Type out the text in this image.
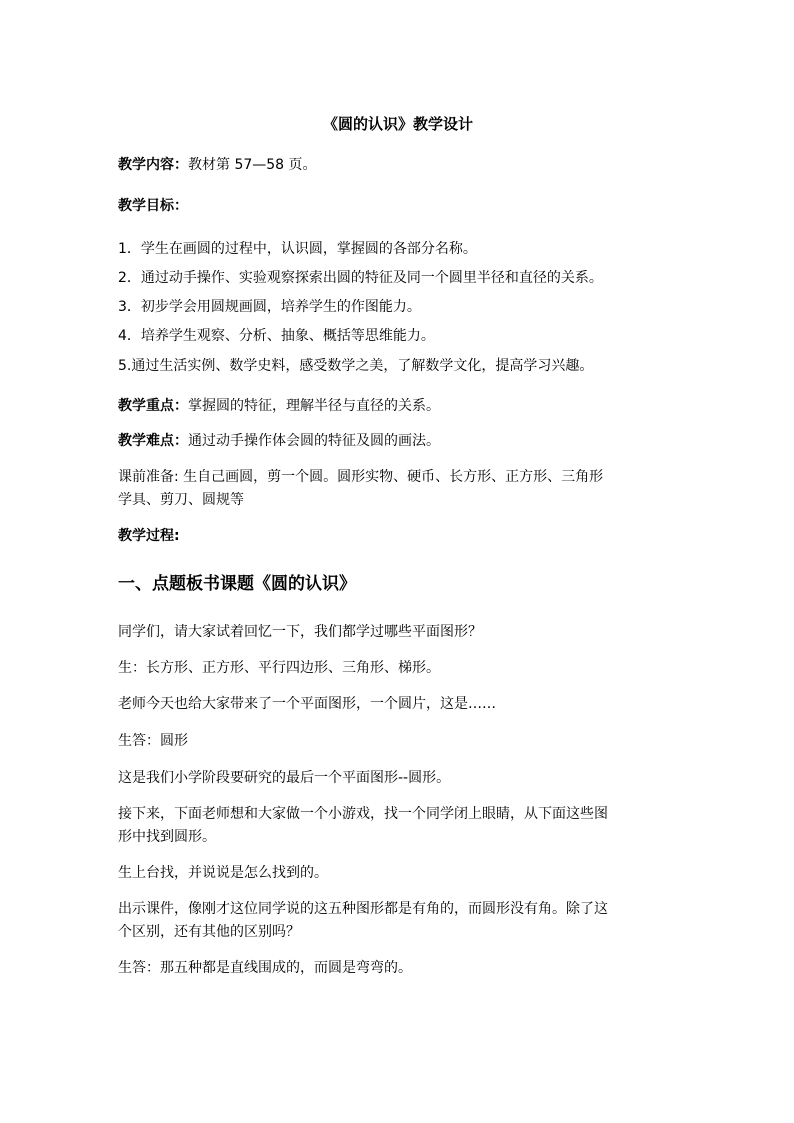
《圆的认识》教学设计
教学内容：教材第 57—58 页。
教学目标：
1．学生在画圆的过程中，认识圆，掌握圆的各部分名称。
2．通过动手操作、实验观察探索出圆的特征及同一个圆里半径和直径的关系。
3．初步学会用圆规画圆，培养学生的作图能力。
4．培养学生观察、分析、抽象、概括等思维能力。
5.通过生活实例、数学史料，感受数学之美，了解数学文化，提高学习兴趣。
教学重点：掌握圆的特征，理解半径与直径的关系。
教学难点：通过动手操作体会圆的特征及圆的画法。
课前准备: 生自己画圆，剪一个圆。圆形实物、硬币、长方形、正方形、三角形
学具、剪刀、圆规等
教学过程:
一、点题板书课题《圆的认识》
同学们，请大家试着回忆一下，我们都学过哪些平面图形？
生：长方形、正方形、平行四边形、三角形、梯形。
老师今天也给大家带来了一个平面图形，一个圆片，这是……
生答：圆形
这是我们小学阶段要研究的最后一个平面图形--圆形。
接下来，下面老师想和大家做一个小游戏，找一个同学闭上眼睛，从下面这些图
形中找到圆形。
生上台找，并说说是怎么找到的。
出示课件，像刚才这位同学说的这五种图形都是有角的，而圆形没有角。除了这
个区别，还有其他的区别吗？
生答：那五种都是直线围成的，而圆是弯弯的。
